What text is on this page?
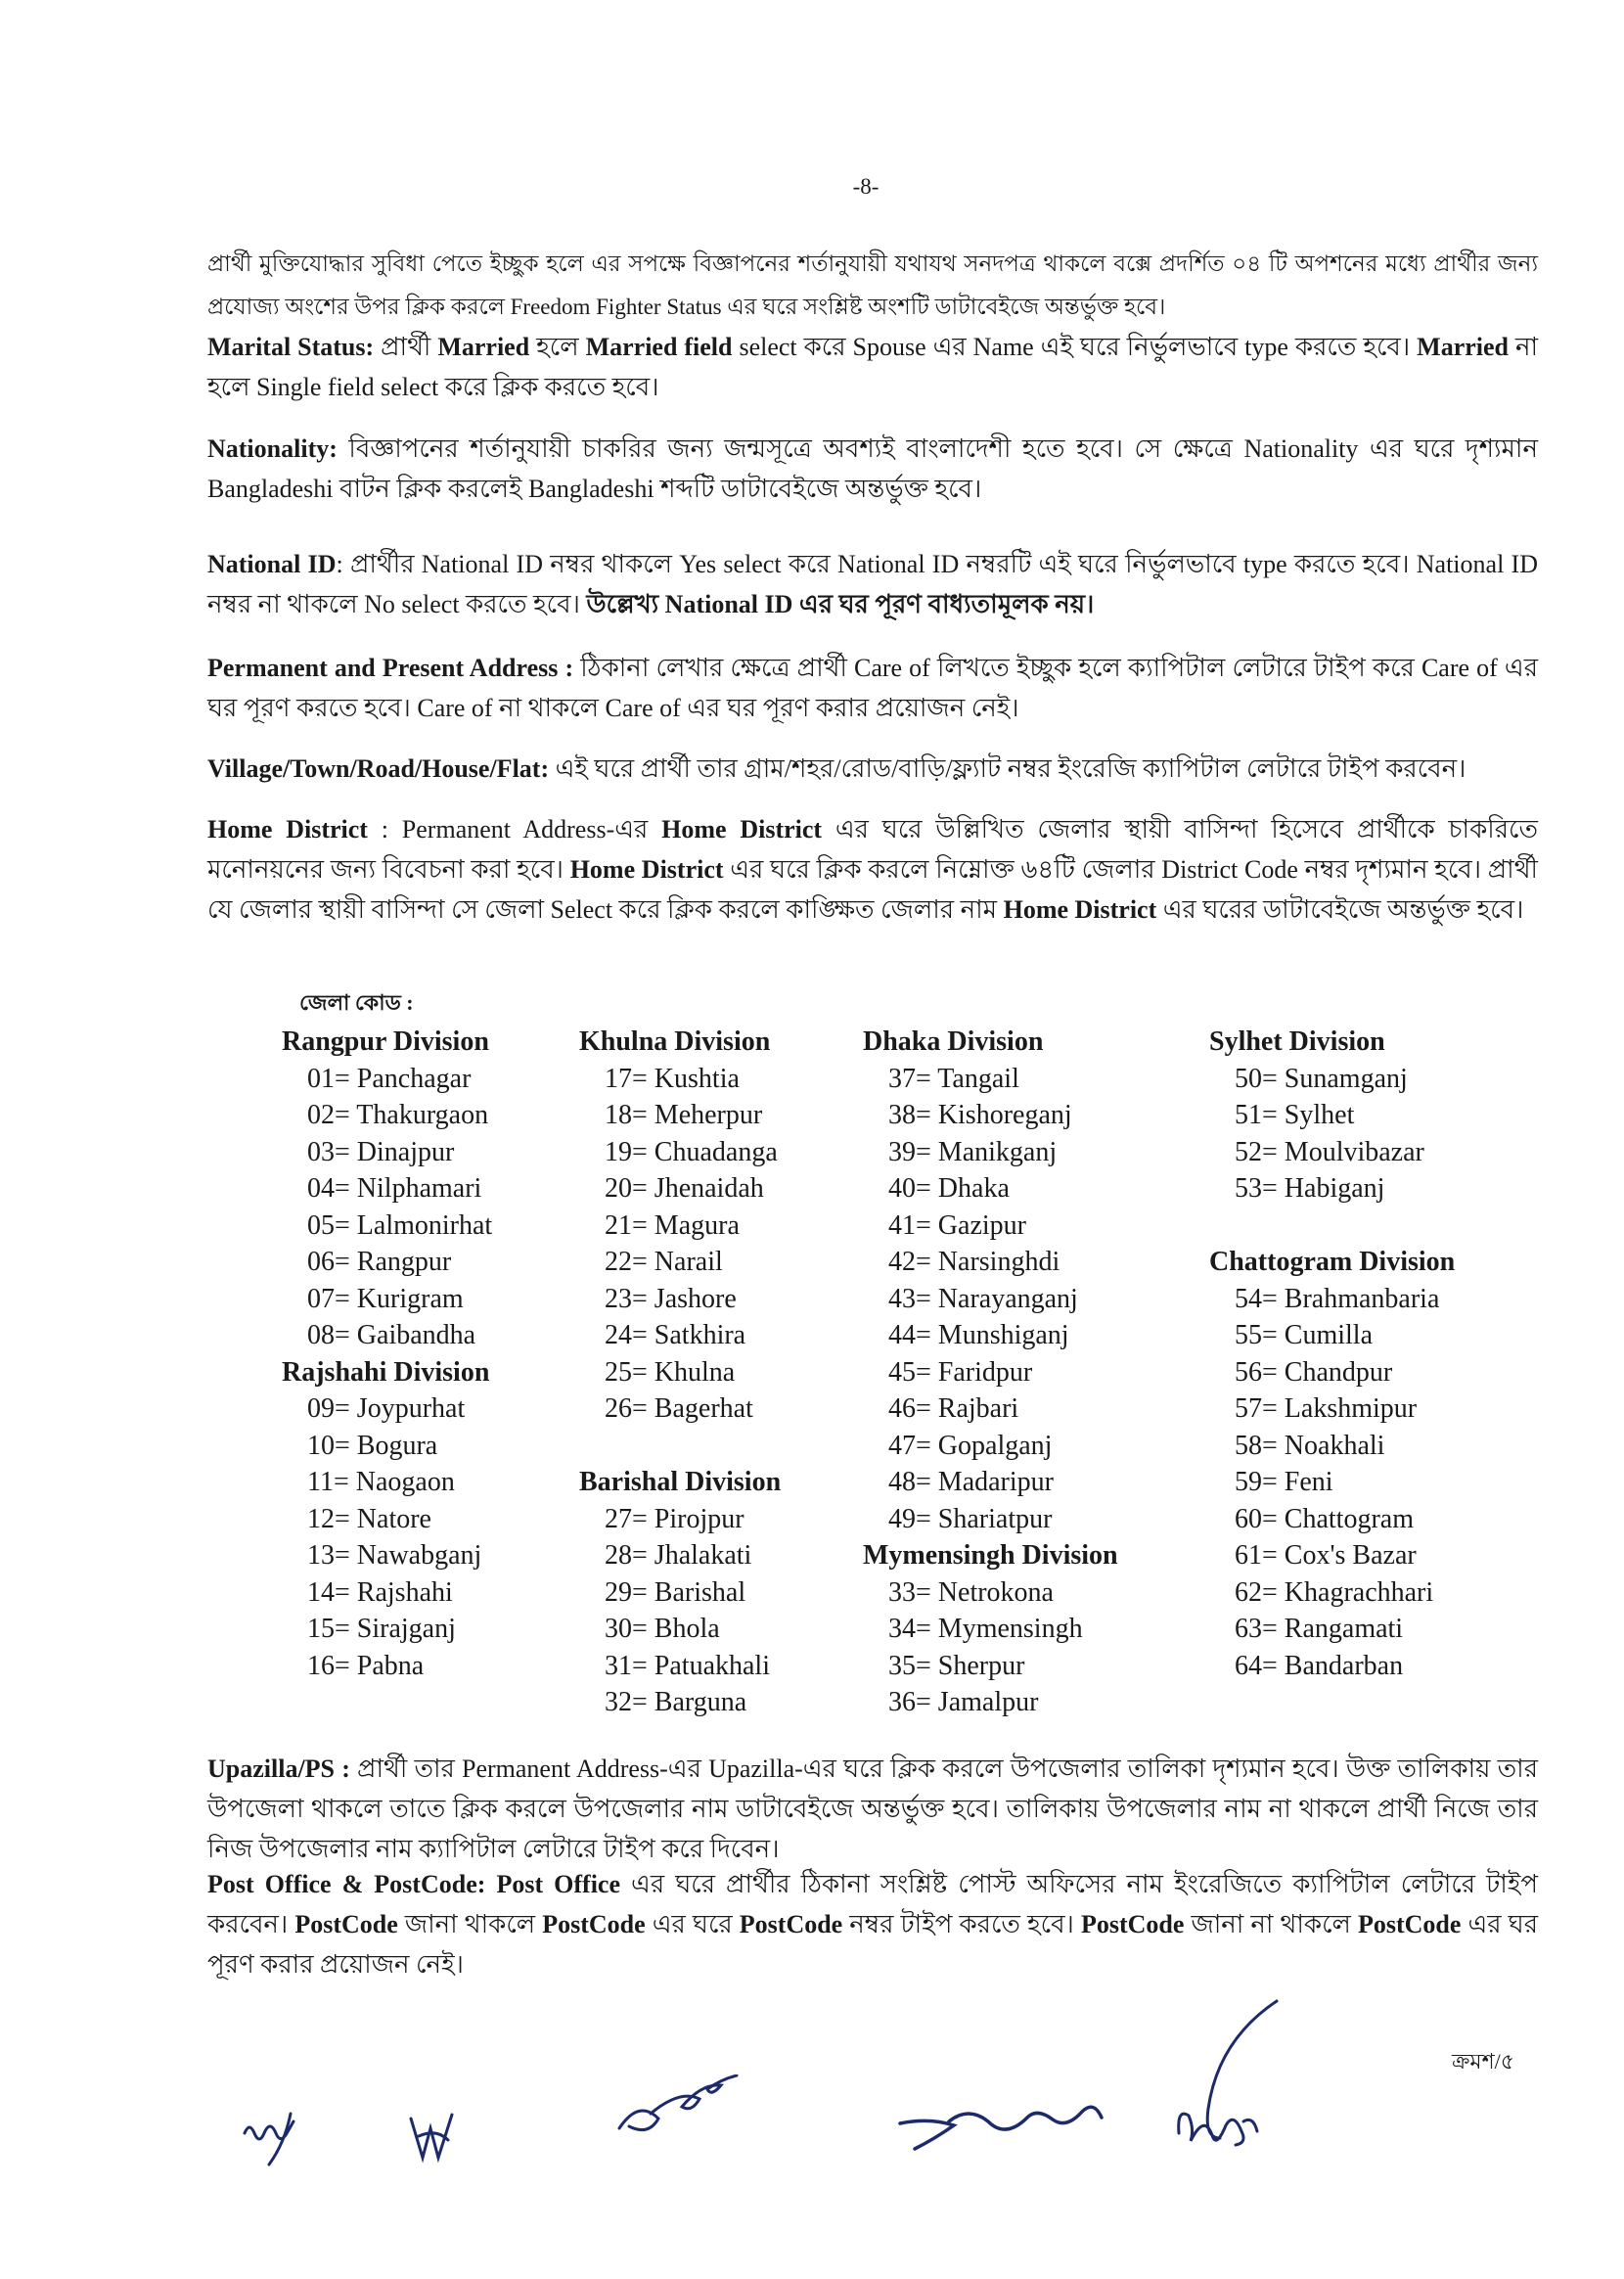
-8-
প্রার্থী মুক্তিযোদ্ধার সুবিধা পেতে ইচ্ছুক হলে এর সপক্ষে বিজ্ঞাপনের শর্তানুযায়ী যথাযথ সনদপত্র থাকলে বক্সে প্রদর্শিত ০৪ টি অপশনের মধ্যে প্রার্থীর জন্য প্রযোজ্য অংশের উপর ক্লিক করলে Freedom Fighter Status এর ঘরে সংশ্লিষ্ট অংশটি ডাটাবেইজে অন্তর্ভুক্ত হবে।
Marital Status: প্রার্থী Married হলে Married field select করে Spouse এর Name এই ঘরে নির্ভুলভাবে type করতে হবে। Married না হলে Single field select করে ক্লিক করতে হবে।
Nationality: বিজ্ঞাপনের শর্তানুযায়ী চাকরির জন্য জন্মসূত্রে অবশ্যই বাংলাদেশী হতে হবে। সে ক্ষেত্রে Nationality এর ঘরে দৃশ্যমান Bangladeshi বাটন ক্লিক করলেই Bangladeshi শব্দটি ডাটাবেইজে অন্তর্ভুক্ত হবে।
National ID: প্রার্থীর National ID নম্বর থাকলে Yes select করে National ID নম্বরটি এই ঘরে নির্ভুলভাবে type করতে হবে। National ID নম্বর না থাকলে No select করতে হবে। উল্লেখ্য National ID এর ঘর পূরণ বাধ্যতামূলক নয়।
Permanent and Present Address : ঠিকানা লেখার ক্ষেত্রে প্রার্থী Care of লিখতে ইচ্ছুক হলে ক্যাপিটাল লেটারে টাইপ করে Care of এর ঘর পূরণ করতে হবে। Care of না থাকলে Care of এর ঘর পূরণ করার প্রয়োজন নেই।
Village/Town/Road/House/Flat: এই ঘরে প্রার্থী তার গ্রাম/শহর/রোড/বাড়ি/ফ্ল্যাট নম্বর ইংরেজি ক্যাপিটাল লেটারে টাইপ করবেন।
Home District : Permanent Address-এর Home District এর ঘরে উল্লিখিত জেলার স্থায়ী বাসিন্দা হিসেবে প্রার্থীকে চাকরিতে মনোনয়নের জন্য বিবেচনা করা হবে। Home District এর ঘরে ক্লিক করলে নিম্নোক্ত ৬৪টি জেলার District Code নম্বর দৃশ্যমান হবে। প্রার্থী যে জেলার স্থায়ী বাসিন্দা সে জেলা Select করে ক্লিক করলে কাঙ্ক্ষিত জেলার নাম Home District এর ঘরের ডাটাবেইজে অন্তর্ভুক্ত হবে।
জেলা কোড :
Rangpur Division
01= Panchagar
02= Thakurgaon
03= Dinajpur
04= Nilphamari
05= Lalmonirhat
06= Rangpur
07= Kurigram
08= Gaibandha
Rajshahi Division
09= Joypurhat
10= Bogura
11= Naogaon
12= Natore
13= Nawabganj
14= Rajshahi
15= Sirajganj
16= Pabna
Khulna Division
17= Kushtia
18= Meherpur
19= Chuadanga
20= Jhenaidah
21= Magura
22= Narail
23= Jashore
24= Satkhira
25= Khulna
26= Bagerhat
Barishal Division
27= Pirojpur
28= Jhalakati
29= Barishal
30= Bhola
31= Patuakhali
32= Barguna
Dhaka Division
37= Tangail
38= Kishoreganj
39= Manikganj
40= Dhaka
41= Gazipur
42= Narsinghdi
43= Narayanganj
44= Munshiganj
45= Faridpur
46= Rajbari
47= Gopalganj
48= Madaripur
49= Shariatpur
Mymensingh Division
33= Netrokona
34= Mymensingh
35= Sherpur
36= Jamalpur
Sylhet Division
50= Sunamganj
51= Sylhet
52= Moulvibazar
53= Habiganj
Chattogram Division
54= Brahmanbaria
55= Cumilla
56= Chandpur
57= Lakshmipur
58= Noakhali
59= Feni
60= Chattogram
61= Cox's Bazar
62= Khagrachhari
63= Rangamati
64= Bandarban
Upazilla/PS : প্রার্থী তার Permanent Address-এর Upazilla-এর ঘরে ক্লিক করলে উপজেলার তালিকা দৃশ্যমান হবে। উক্ত তালিকায় তার উপজেলা থাকলে তাতে ক্লিক করলে উপজেলার নাম ডাটাবেইজে অন্তর্ভুক্ত হবে। তালিকায় উপজেলার নাম না থাকলে প্রার্থী নিজে তার নিজ উপজেলার নাম ক্যাপিটাল লেটারে টাইপ করে দিবেন।
Post Office & PostCode: Post Office এর ঘরে প্রার্থীর ঠিকানা সংশ্লিষ্ট পোস্ট অফিসের নাম ইংরেজিতে ক্যাপিটাল লেটারে টাইপ করবেন। PostCode জানা থাকলে PostCode এর ঘরে PostCode নম্বর টাইপ করতে হবে। PostCode জানা না থাকলে PostCode এর ঘর পূরণ করার প্রয়োজন নেই।
ক্রমশ/৫
